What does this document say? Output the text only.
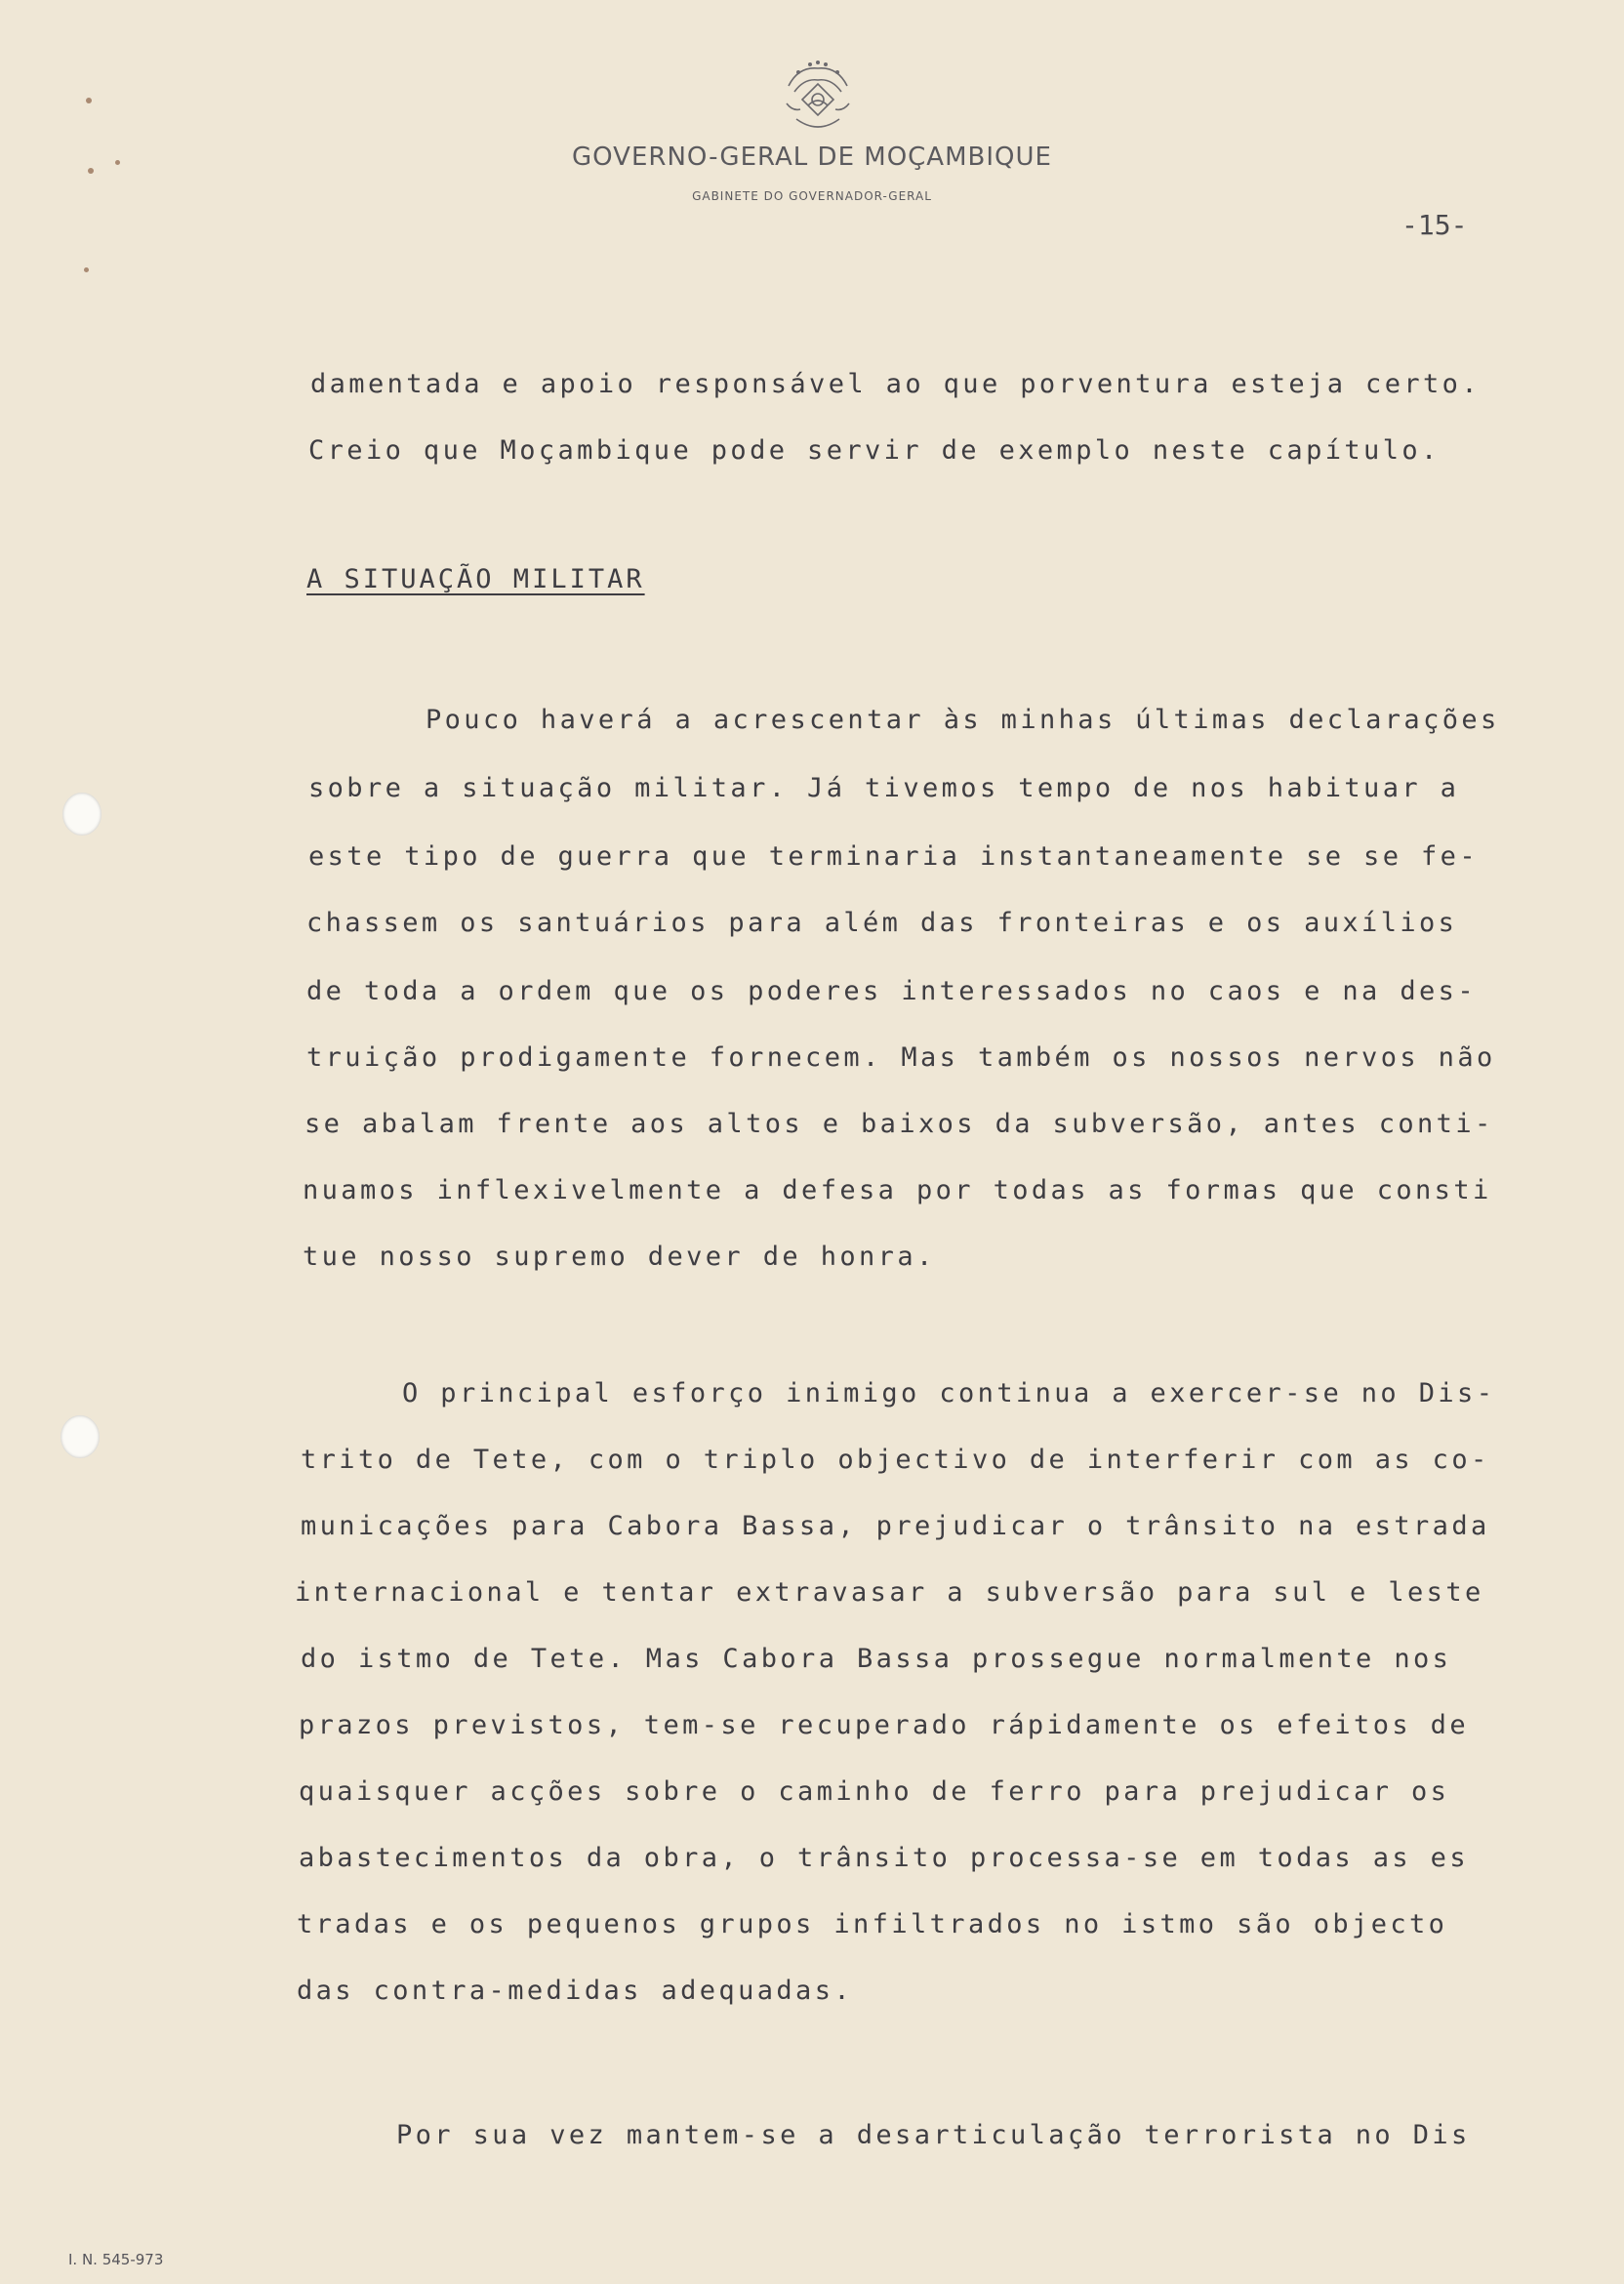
GOVERNO-GERAL DE MOÇAMBIQUE
GABINETE DO GOVERNADOR-GERAL
-15-
damentada e apoio responsável ao que porventura esteja certo.
Creio que Moçambique pode servir de exemplo neste capítulo.
A SITUAÇÃO MILITAR
Pouco haverá a acrescentar às minhas últimas declarações
sobre a situação militar. Já tivemos tempo de nos habituar a
este tipo de guerra que terminaria instantaneamente se se fe-
chassem os santuários para além das fronteiras e os auxílios
de toda a ordem que os poderes interessados no caos e na des-
truição prodigamente fornecem. Mas também os nossos nervos não
se abalam frente aos altos e baixos da subversão, antes conti-
nuamos inflexivelmente a defesa por todas as formas que consti
tue nosso supremo dever de honra.
O principal esforço inimigo continua a exercer-se no Dis-
trito de Tete, com o triplo objectivo de interferir com as co-
municações para Cabora Bassa, prejudicar o trânsito na estrada
internacional e tentar extravasar a subversão para sul e leste
do istmo de Tete. Mas Cabora Bassa prossegue normalmente nos
prazos previstos, tem-se recuperado rápidamente os efeitos de
quaisquer acções sobre o caminho de ferro para prejudicar os
abastecimentos da obra, o trânsito processa-se em todas as es
tradas e os pequenos grupos infiltrados no istmo são objecto
das contra-medidas adequadas.
Por sua vez mantem-se a desarticulação terrorista no Dis
I. N. 545-973
